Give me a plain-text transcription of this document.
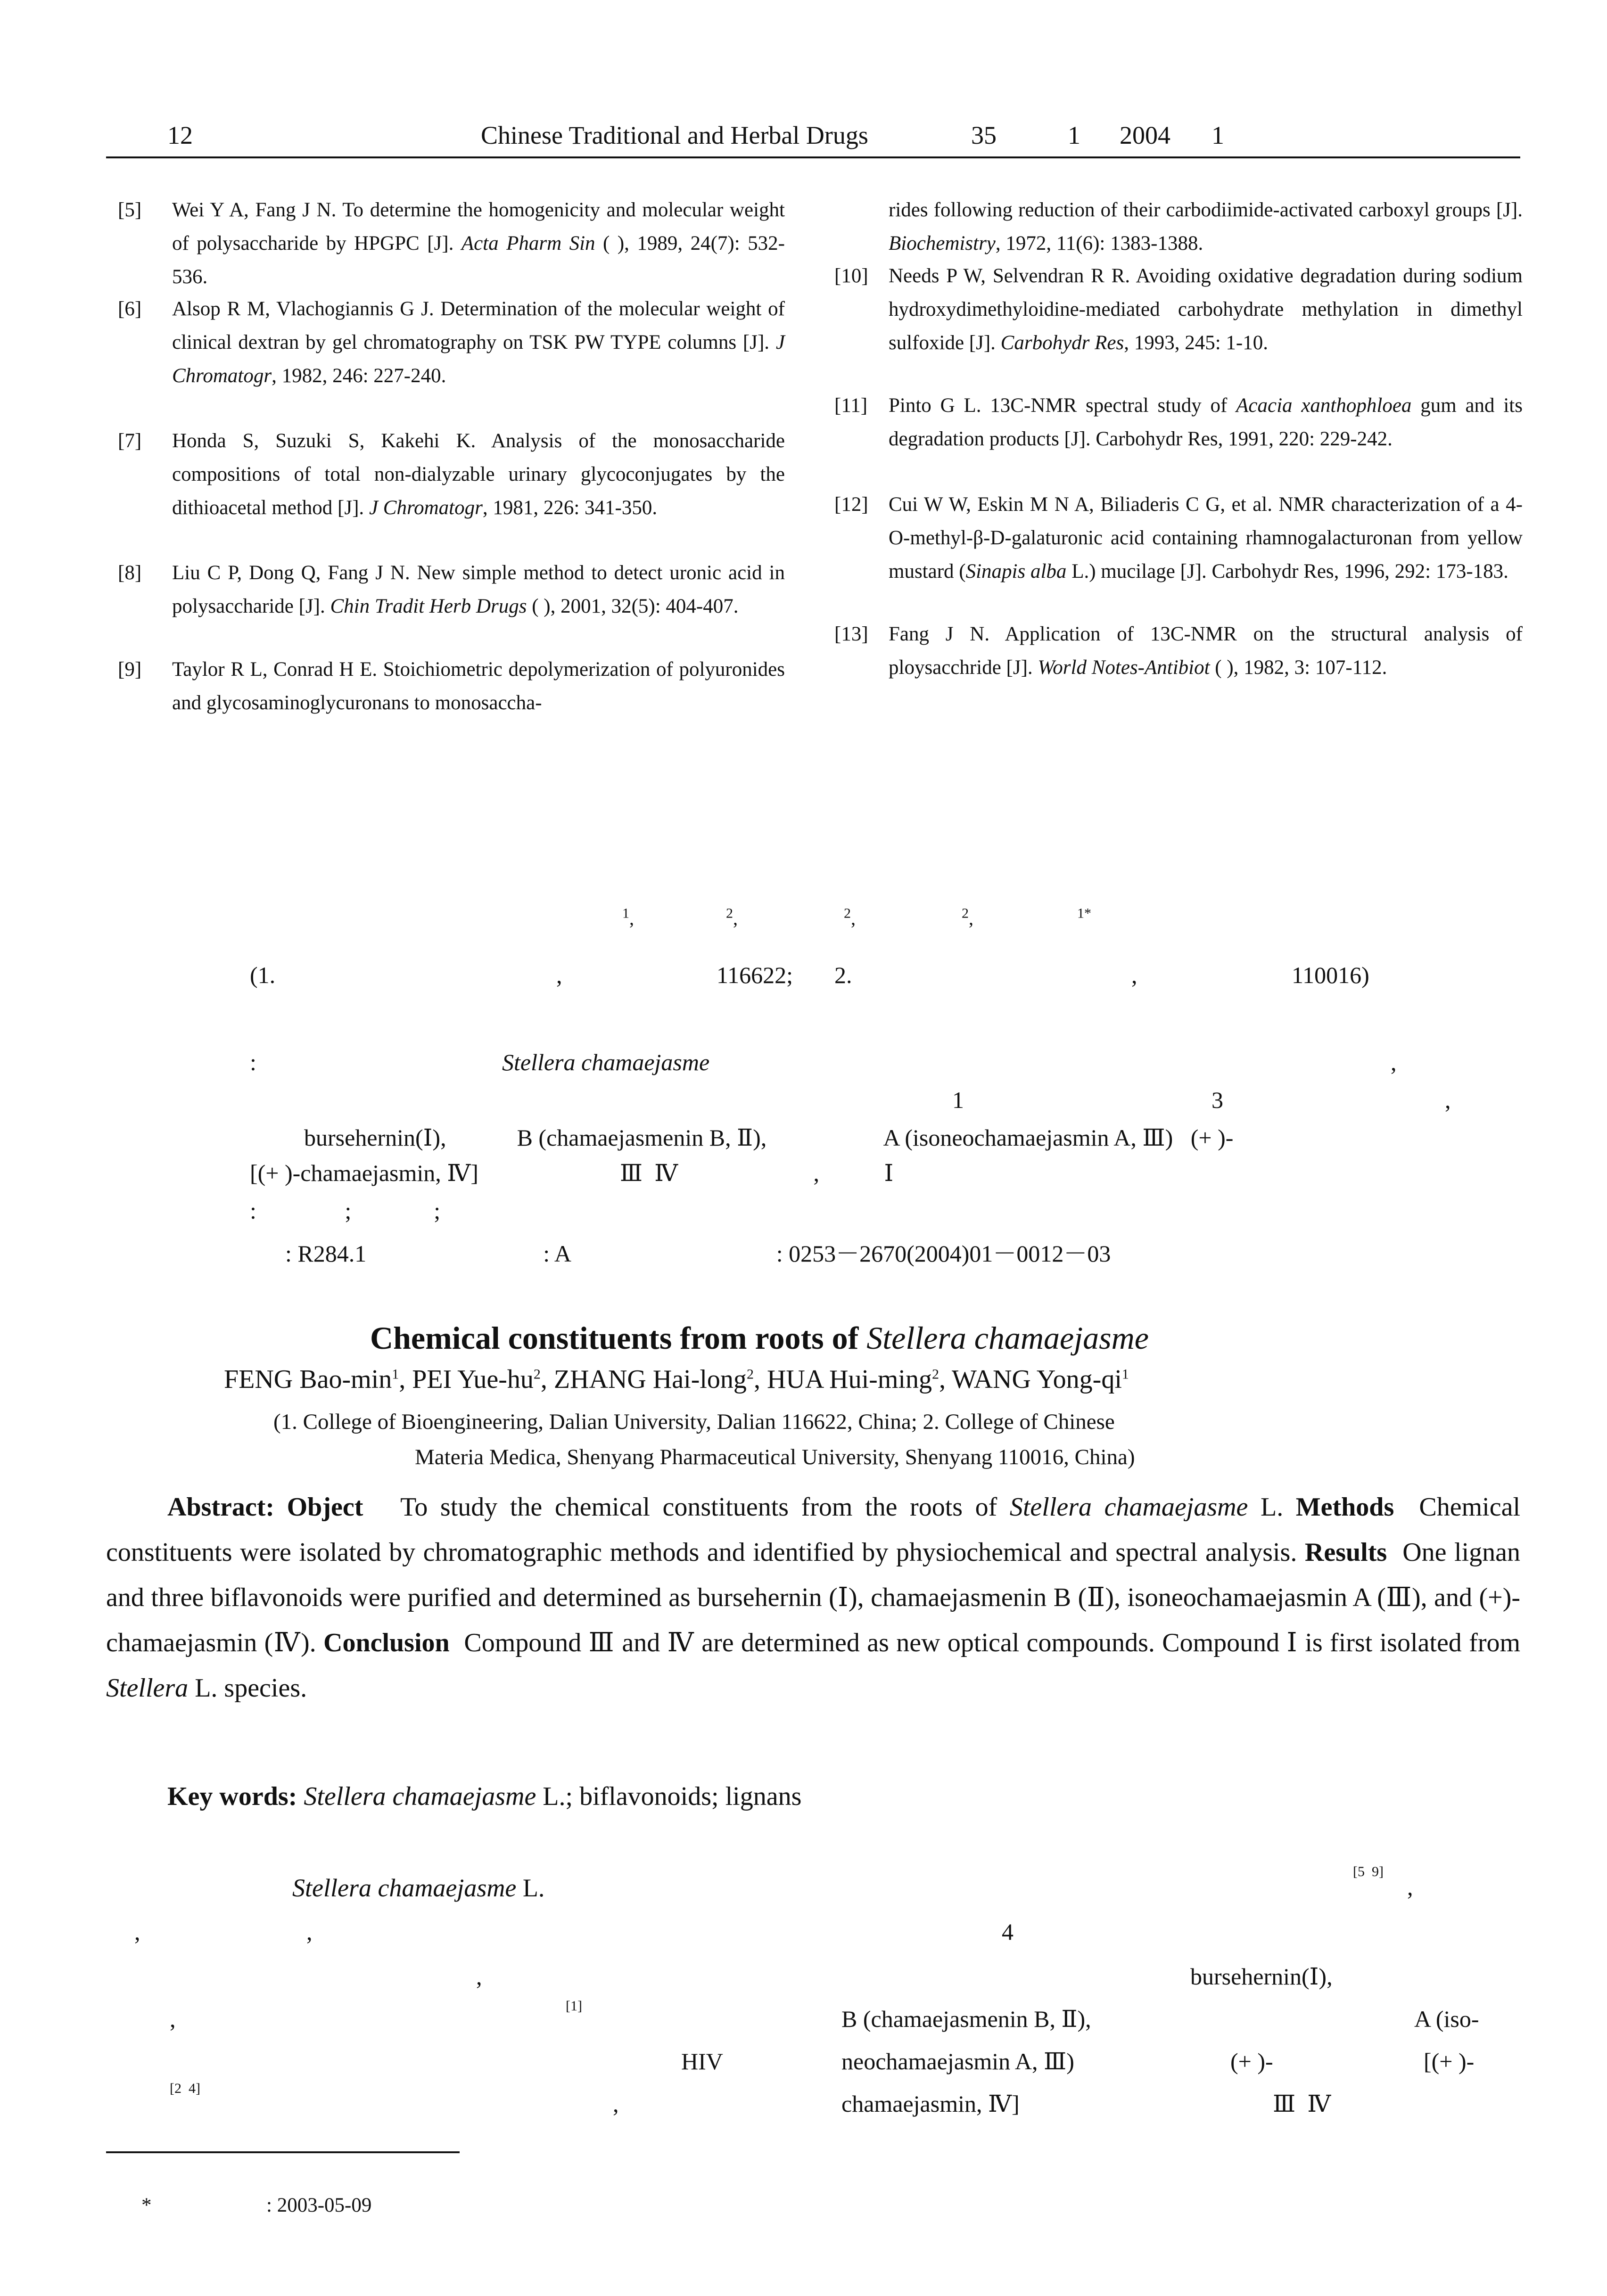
12	Chinese Traditional and Herbal Drugs	35	1 2004 1
[5]	Wei Y A, Fang J N. To determine the homogenicity and molecular weight of polysaccharide by HPGPC [J]. Acta Pharm Sin ( ), 1989, 24(7): 532-536.
[6]	Alsop R M, Vlachogiannis G J. Determination of the molecular weight of clinical dextran by gel chromatography on TSK PW TYPE columns [J]. J Chromatogr, 1982, 246: 227-240.
[7]	Honda S, Suzuki S, Kakehi K. Analysis of the monosaccharide compositions of total non-dialyzable urinary glycoconjugates by the dithioacetal method [J]. J Chromatogr, 1981, 226: 341-350.
[8]	Liu C P, Dong Q, Fang J N. New simple method to detect uronic acid in polysaccharide [J]. Chin Tradit Herb Drugs ( ), 2001, 32(5): 404-407.
[9]	Taylor R L, Conrad H E. Stoichiometric depolymerization of polyuronides and glycosaminoglycuronans to monosaccha-
rides following reduction of their carbodiimide-activated carboxyl groups [J]. Biochemistry, 1972, 11(6): 1383-1388.
[10]	Needs P W, Selvendran R R. Avoiding oxidative degradation during sodium hydroxydimethyloidine-mediated carbohydrate methylation in dimethyl sulfoxide [J]. Carbohydr Res, 1993, 245: 1-10.
[11]	Pinto G L. 13C-NMR spectral study of Acacia xanthophloea gum and its degradation products [J]. Carbohydr Res, 1991, 220: 229-242.
[12]	Cui W W, Eskin M N A, Biliaderis C G, et al. NMR characterization of a 4-O-methyl-β-D-galaturonic acid containing rhamnogalacturonan from yellow mustard (Sinapis alba L.) mucilage [J]. Carbohydr Res, 1996, 292: 173-183.
[13]	Fang J N. Application of 13C-NMR on the structural analysis of ploysacchride [J]. World Notes-Antibiot ( ), 1982, 3: 107-112.
$^1$,	$^2$,	$^2$,	$^2$,	$^{1*}$
(1.	,	116622; 2.	,	110016)
:	Stellera chamaejasme	,
1	3	,
bursehernin(Ⅰ),            B (chamaejasmenin B, Ⅱ),                    A (isoneochamaejasmin A, Ⅲ)   (+ )-
[(+ )-chamaejasmin, Ⅳ]                        Ⅲ  Ⅳ                       ,           Ⅰ
:               ;              ;
: R284.1                              : A                                   : 0253－2670(2004)01－0012－03
Chemical constituents from roots of Stellera chamaejasme
FENG Bao-$\min^1$, PEI Yue-$hu^2$, ZHANG Hai-long$^2$, HUA Hui-ming$^2$, WANG Yong-$qi^1$
(1. College of Bioengineering, Dalian University, Dalian 116622, China; 2. College of Chinese
Materia Medica, Shenyang Pharmaceutical University, Shenyang 110016, China)
Abstract: Object To study the chemical constituents from the roots of Stellera chamaejasme L. Methods Chemical constituents were isolated by chromatographic methods and identified by physiochemical and spectral analysis. Results One lignan and three biflavonoids were purified and determined as bursehernin (Ⅰ), chamaejasmenin B (Ⅱ), isoneochamaejasmin A (Ⅲ), and (+)-chamaejasmin (Ⅳ). Conclusion Compound Ⅲ and Ⅳ are determined as new optical compounds. Compound Ⅰ is first isolated from Stellera L. species.
Key words: Stellera chamaejasme L.; biflavonoids; lignans
Stellera chamaejasme L.
,	,
,
,	[1]
HIV
[2  4]
,
[5  9]
,
4
bursehernin(Ⅰ),
B (chamaejasmenin B, Ⅱ),	A (iso-
neochamaejasmin A, Ⅲ)	(+ )-	[(+ )-
chamaejasmin, Ⅳ]	Ⅲ  Ⅳ
*	: 2003-05-09
